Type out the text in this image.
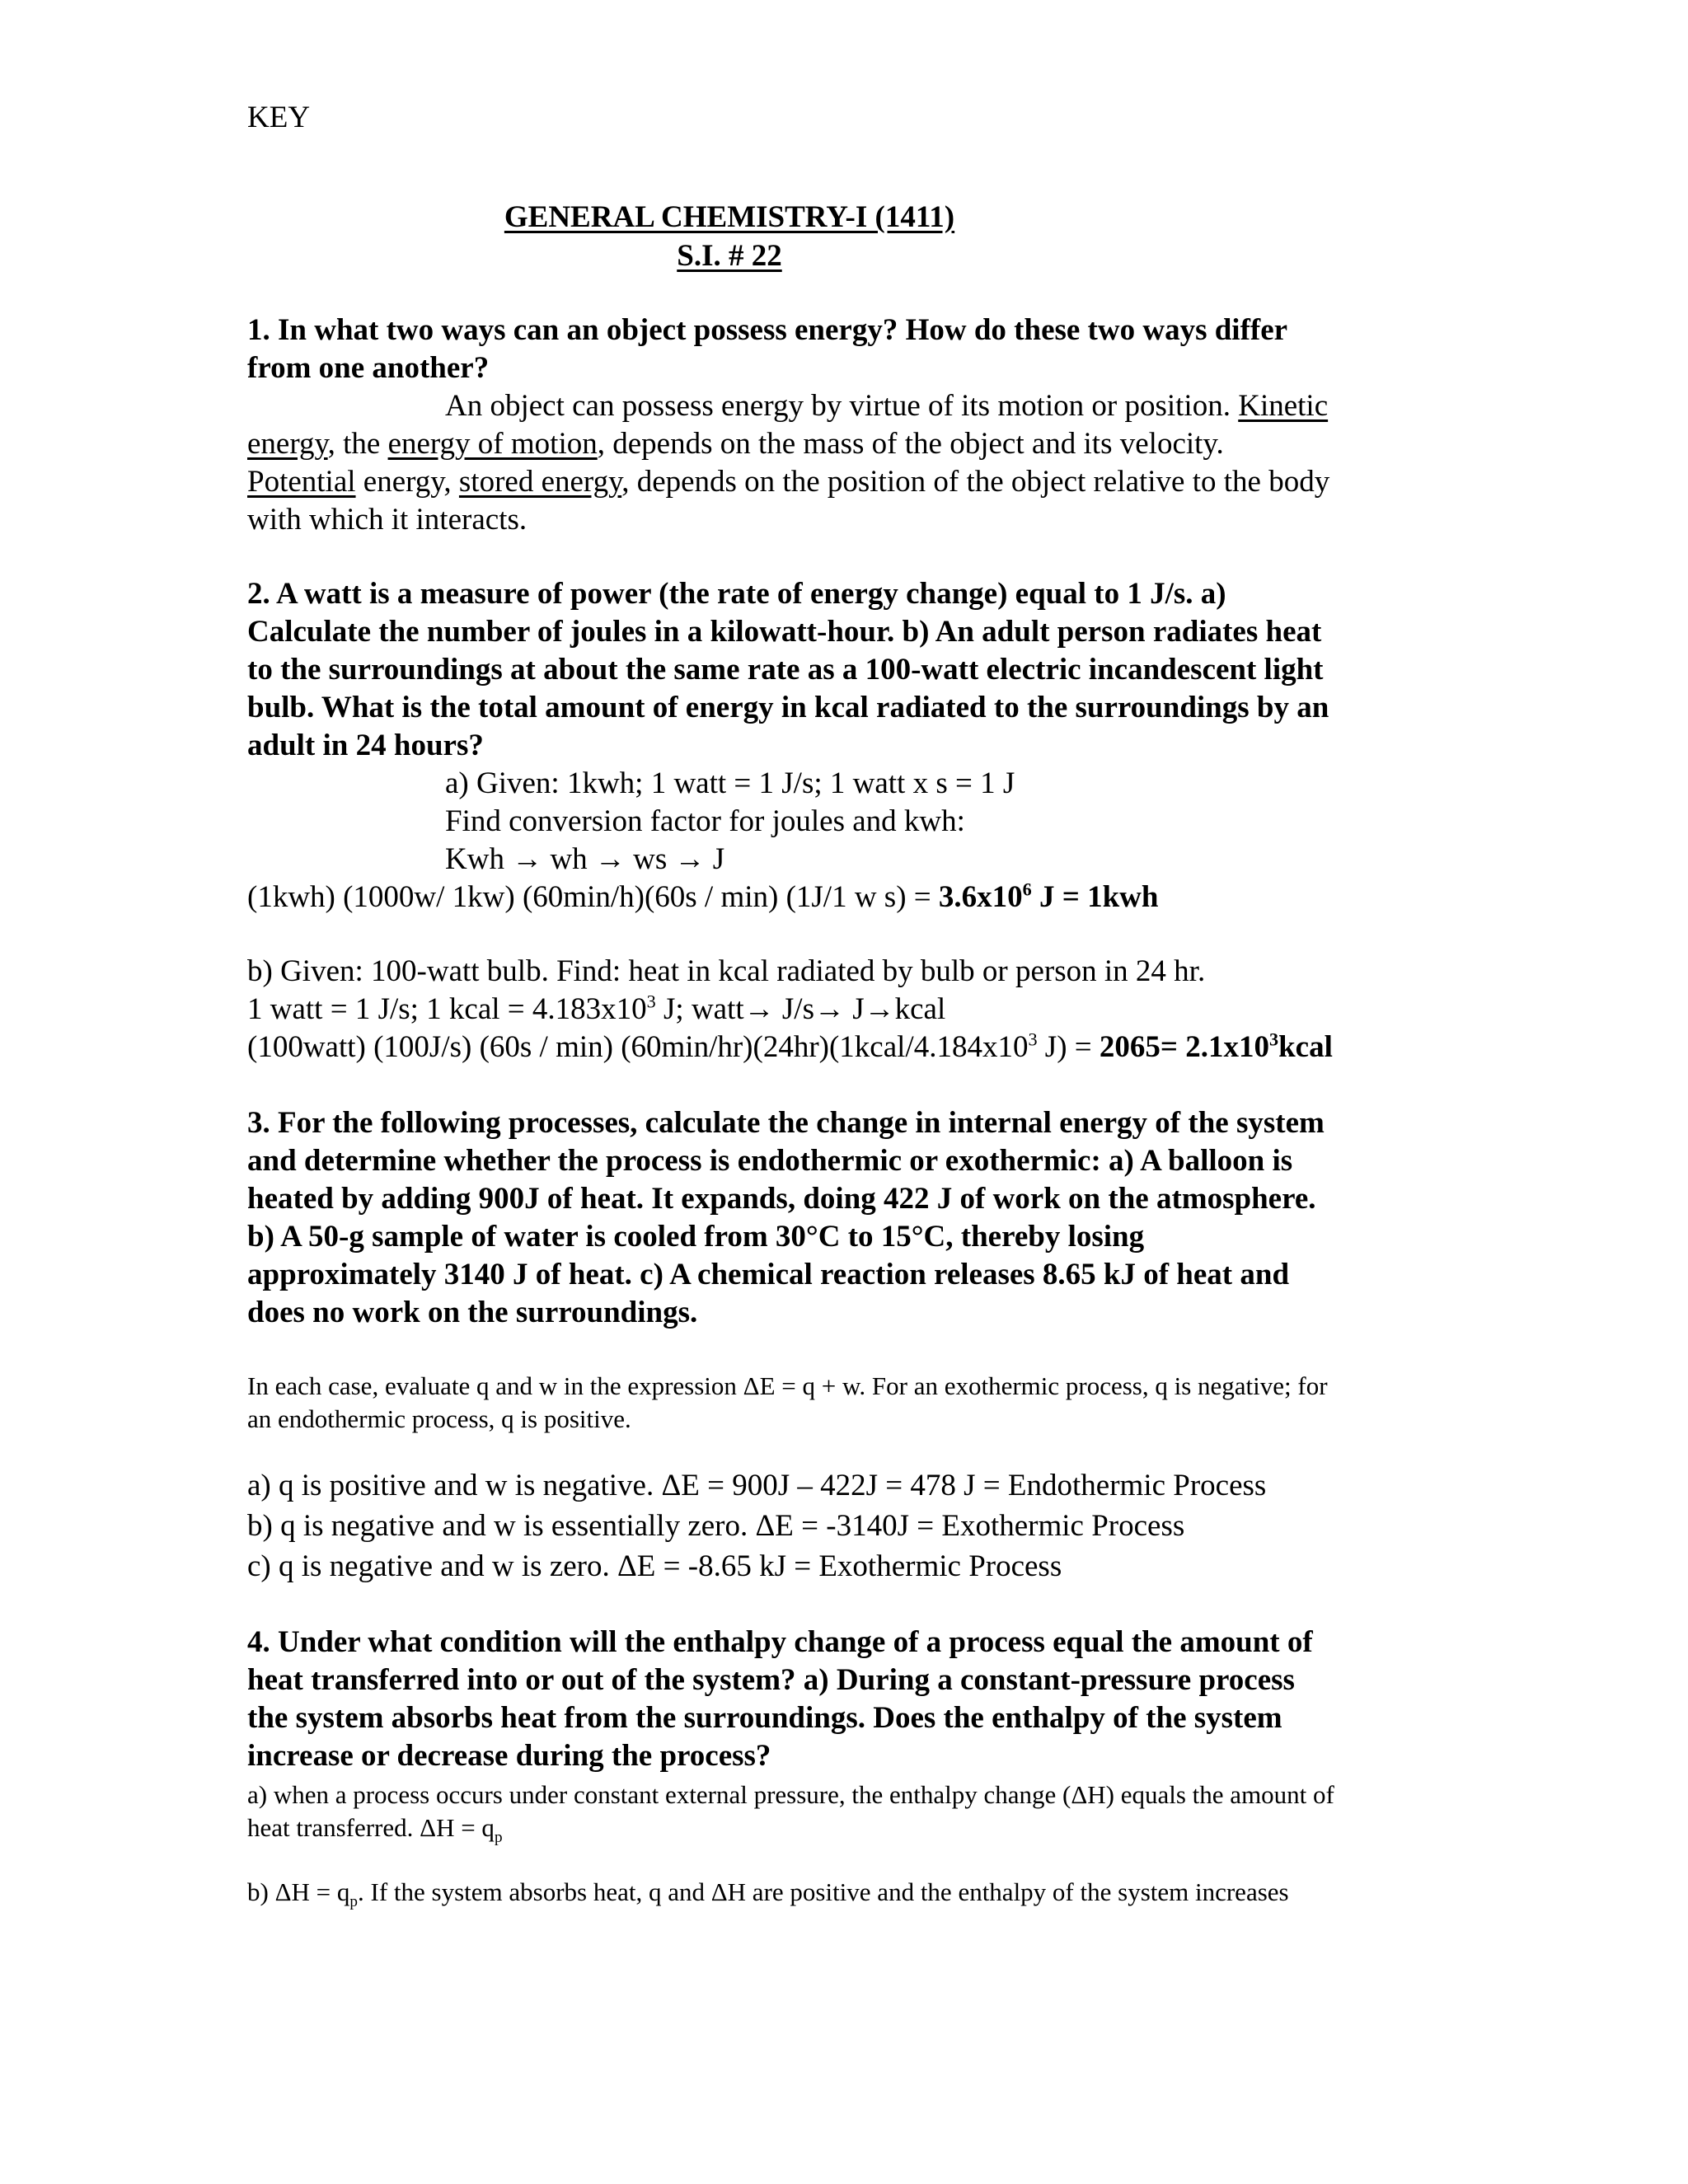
KEY
GENERAL CHEMISTRY-I (1411)
S.I. # 22
1. In what two ways can an object possess energy? How do these two ways differ
from one another?
An object can possess energy by virtue of its motion or position. Kinetic
energy, the energy of motion, depends on the mass of the object and its velocity.
Potential energy, stored energy, depends on the position of the object relative to the body
with which it interacts.
2. A watt is a measure of power (the rate of energy change) equal to 1 J/s. a)
Calculate the number of joules in a kilowatt-hour. b) An adult person radiates heat
to the surroundings at about the same rate as a 100-watt electric incandescent light
bulb. What is the total amount of energy in kcal radiated to the surroundings by an
adult in 24 hours?
a) Given: 1kwh; 1 watt = 1 J/s; 1 watt x s = 1 J
Find conversion factor for joules and kwh:
Kwh → wh → ws → J
(1kwh) (1000w/ 1kw) (60min/h)(60s / min) (1J/1 w $s) = 3.6x10^6$ J = 1kwh
b) Given: 100-watt bulb. Find: heat in kcal radiated by bulb or person in 24 hr.
1 watt = 1 J/s; 1 kcal = $4.183x10^3$ J; watt→ J/s→ J→kcal
(100watt) (100J/s) (60s / min) $(60\min/hr)(24hr)(1kcal/4.184x10^3$ $J) = 2065= 2.1x10^3kcal$
3. For the following processes, calculate the change in internal energy of the system
and determine whether the process is endothermic or exothermic: a) A balloon is
heated by adding 900J of heat. It expands, doing 422 J of work on the atmosphere.
b) A 50-g sample of water is cooled from 30°C to 15°C, thereby losing
approximately 3140 J of heat. c) A chemical reaction releases 8.65 kJ of heat and
does no work on the surroundings.
In each case, evaluate q and w in the expression ΔE = q + w. For an exothermic process, q is negative; for
an endothermic process, q is positive.
a) q is positive and w is negative. ΔE = 900J – 422J = 478 J = Endothermic Process
b) q is negative and w is essentially zero. ΔE = -3140J = Exothermic Process
c) q is negative and w is zero. ΔE = -8.65 kJ = Exothermic Process
4. Under what condition will the enthalpy change of a process equal the amount of
heat transferred into or out of the system? a) During a constant-pressure process
the system absorbs heat from the surroundings. Does the enthalpy of the system
increase or decrease during the process?
a) when a process occurs under constant external pressure, the enthalpy change (ΔH) equals the amount of
heat transferred. $\Delta H = q_p$
b) $\Delta H = q_p$. If the system absorbs heat, q and ΔH are positive and the enthalpy of the system increases
